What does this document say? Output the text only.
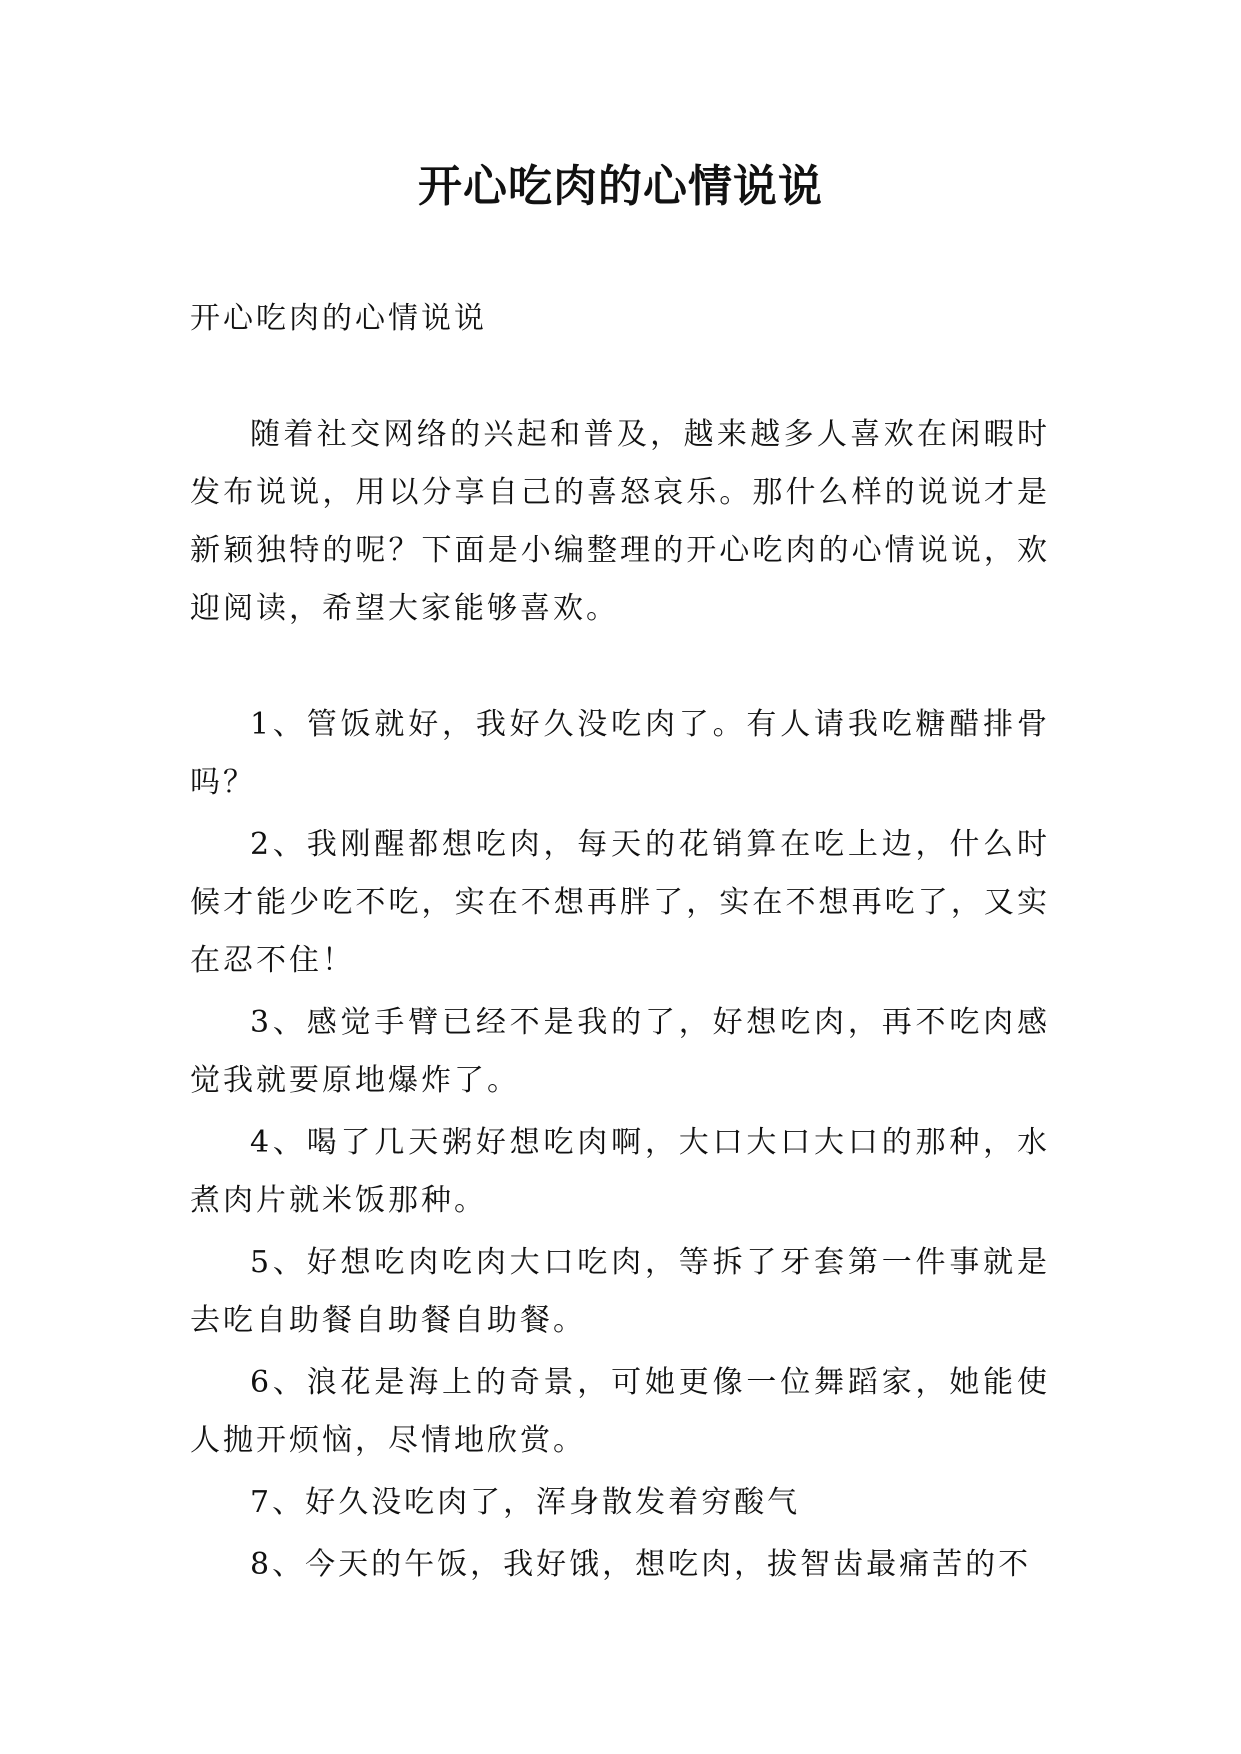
开心吃肉的心情说说

开心吃肉的心情说说

随着社交网络的兴起和普及，越来越多人喜欢在闲暇时发布说说，用以分享自己的喜怒哀乐。那什么样的说说才是新颖独特的呢？下面是小编整理的开心吃肉的心情说说，欢迎阅读，希望大家能够喜欢。

1、管饭就好，我好久没吃肉了。有人请我吃糖醋排骨吗？

2、我刚醒都想吃肉，每天的花销算在吃上边，什么时候才能少吃不吃，实在不想再胖了，实在不想再吃了，又实在忍不住！

3、感觉手臂已经不是我的了，好想吃肉，再不吃肉感觉我就要原地爆炸了。

4、喝了几天粥好想吃肉啊，大口大口大口的那种，水煮肉片就米饭那种。

5、好想吃肉吃肉大口吃肉，等拆了牙套第一件事就是去吃自助餐自助餐自助餐。

6、浪花是海上的奇景，可她更像一位舞蹈家，她能使人抛开烦恼，尽情地欣赏。

7、好久没吃肉了，浑身散发着穷酸气

8、今天的午饭，我好饿，想吃肉，拔智齿最痛苦的不
